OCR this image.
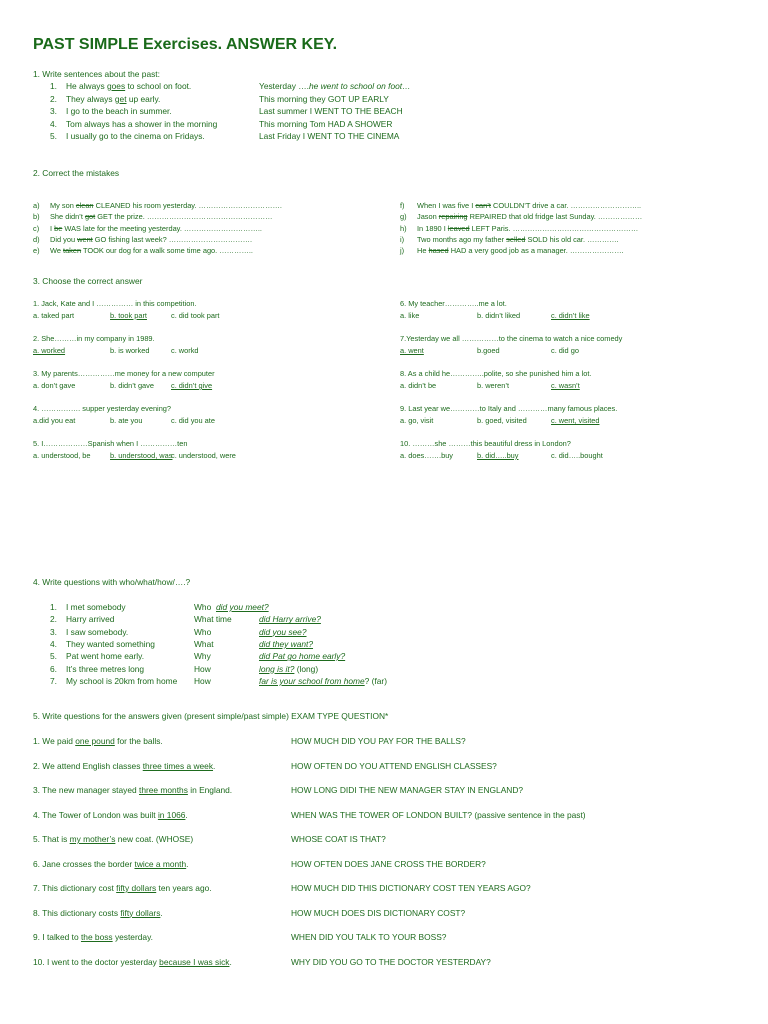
PAST SIMPLE Exercises. ANSWER KEY.
1. Write sentences about the past:
1. He always goes to school on foot.	Yesterday ….he went to school on foot…
2. They always get up early.	This morning they GOT UP EARLY
3. I go to the beach in summer.	Last summer I WENT TO THE BEACH
4. Tom always has a shower in the morning	This morning Tom HAD A SHOWER
5. I usually go to the cinema on Fridays.	Last Friday I WENT TO THE CINEMA
2. Correct the mistakes
a) My son clean CLEANED his room yesterday. …………………………….
b) She didn’t got GET the prize. ……………………………………………
c) I be WAS late for the meeting yesterday. …………………………..
d) Did you went GO fishing last week? …………………………….
e) We taken TOOK our dog for a walk some time ago. …………..
f) When I was five I can’t COULDN’T drive a car. ………………………..
g) Jason repairing REPAIRED that old fridge last Sunday. ………………
h) In 1890 I leaved LEFT Paris. ……………………………………………
i) Two months ago my father selled SOLD his old car. ………….
j) He hased HAD a very good job as a manager. ………………….
3. Choose the correct answer
1. Jack, Kate and I …………… in this competition.
a. taked part	b. took part	c. did took part
2. She………in my company in 1989.
a. worked	b. is worked	c. workd
3. My parents……………me money for a new computer
a. don’t gave	b. didn’t gave c. didn’t give
4. ……………. supper yesterday evening?
a.did you eat	b. ate you	c. did you ate
5. I………………Spanish when I ……………ten
a. understood, be	b. understood, was
c. understood, were
6. My teacher…………..me a lot.
a. like	b. didn’t liked	c. didn’t like
7.Yesterday we all ……………to the cinema to watch a nice comedy
a. went	b.goed	c. did go
8. As a child he…………..polite, so she punished him a lot.
a. didn’t be	b. weren’t	c. wasn’t
9. Last year we…………to Italy and …………many famous places.
a. go, visit	b. goed, visited	c. went, visited
10. ………she ………this beautiful dress in London?
a. does…….buy	b. did…..buy	c. did…..bought
4. Write questions with who/what/how/….?
1. I met somebody	Who did you meet?
2. Harry arrived	What time	did Harry arrive?
3. I saw somebody.	Who	did you see?
4. They wanted something	What	did they want?
5. Pat went home early.	Why	did Pat go home early?
6. It’s three metres long	How	long is it? (long)
7. My school is 20km from home How	far is your school from home? (far)
5. Write questions for the answers given (present simple/past simple) EXAM TYPE QUESTION*
1. We paid one pound for the balls.	HOW MUCH DID YOU PAY FOR THE BALLS?
2. We attend English classes three times a week.	HOW OFTEN DO YOU ATTEND ENGLISH CLASSES?
3. The new manager stayed three months in England.	HOW LONG DIDI THE NEW MANAGER STAY IN ENGLAND?
4. The Tower of London was built in 1066.	WHEN WAS THE TOWER OF LONDON BUILT? (passive sentence in the past)
5. That is my mother’s new coat. (WHOSE)	WHOSE COAT IS THAT?
6. Jane crosses the border twice a month.	HOW OFTEN DOES JANE CROSS THE BORDER?
7. This dictionary cost fifty dollars ten years ago.	HOW MUCH DID THIS DICTIONARY COST TEN YEARS AGO?
8. This dictionary costs fifty dollars.	HOW MUCH DOES DIS DICTIONARY COST?
9. I talked to the boss yesterday.	WHEN DID YOU TALK TO YOUR BOSS?
10. I went to the doctor yesterday because I was sick.	WHY DID YOU GO TO THE DOCTOR YESTERDAY?
